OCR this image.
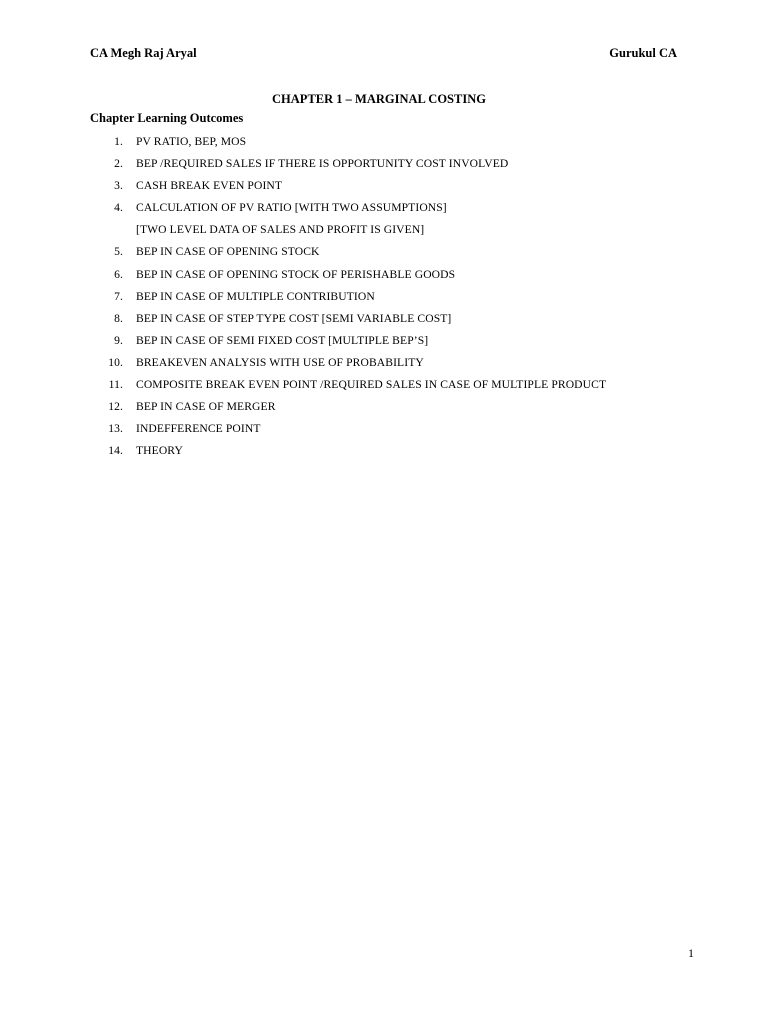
CA Megh Raj Aryal	Gurukul CA
CHAPTER 1 – MARGINAL COSTING
Chapter Learning Outcomes
1. PV RATIO, BEP, MOS
2. BEP /REQUIRED SALES IF THERE IS OPPORTUNITY COST INVOLVED
3. CASH BREAK EVEN POINT
4. CALCULATION OF PV RATIO [WITH TWO ASSUMPTIONS]
[TWO LEVEL DATA OF SALES AND PROFIT IS GIVEN]
5. BEP IN CASE OF OPENING STOCK
6. BEP IN CASE OF OPENING STOCK OF PERISHABLE GOODS
7. BEP IN CASE OF MULTIPLE CONTRIBUTION
8. BEP IN CASE OF STEP TYPE COST [SEMI VARIABLE COST]
9. BEP IN CASE OF SEMI FIXED COST [MULTIPLE BEP’S]
10. BREAKEVEN ANALYSIS WITH USE OF PROBABILITY
11. COMPOSITE BREAK EVEN POINT /REQUIRED SALES IN CASE OF MULTIPLE PRODUCT
12. BEP IN CASE OF MERGER
13. INDEFFERENCE POINT
14. THEORY
1
